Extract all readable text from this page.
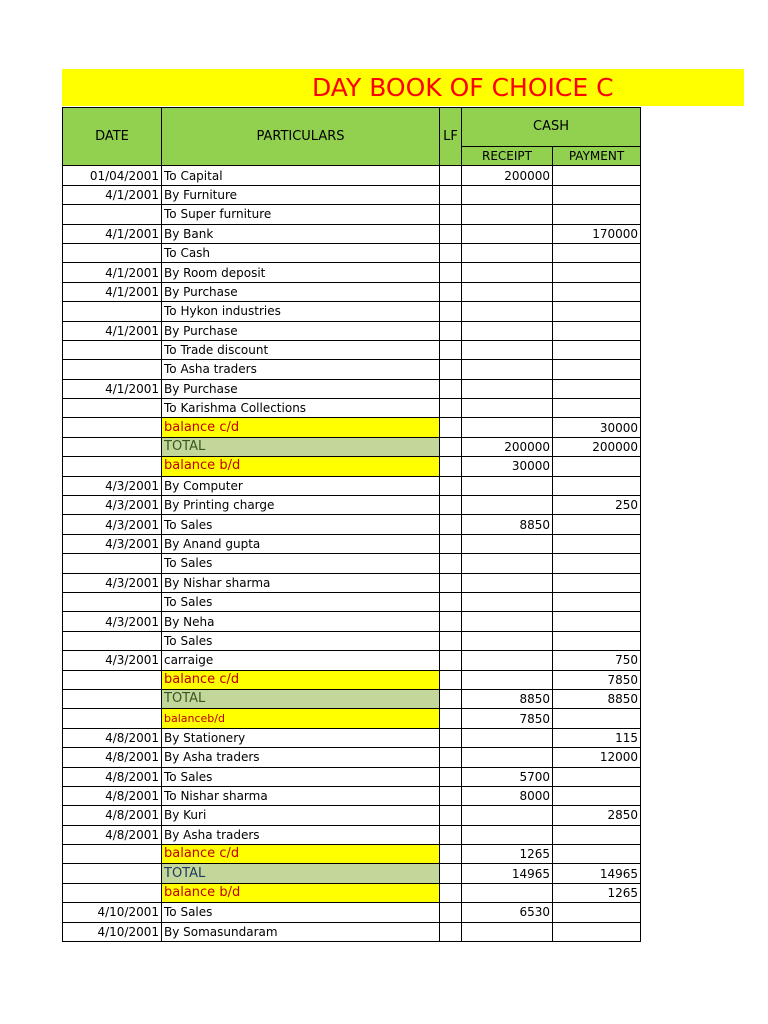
DAY BOOK OF CHOICE C
DATE	PARTICULARS	LF	CASH	
			RECEIPT	PAYMENT
01/04/2001	To Capital		200000	
4/1/2001	By Furniture			
	To Super furniture			
4/1/2001	By Bank			170000
	To Cash			
4/1/2001	By Room deposit			
4/1/2001	By Purchase			
	To Hykon industries			
4/1/2001	By Purchase			
	To Trade discount			
	To Asha traders			
4/1/2001	By Purchase			
	To Karishma Collections			
	balance c/d			30000
	TOTAL		200000	200000
	balance b/d		30000	
4/3/2001	By Computer			
4/3/2001	By Printing charge			250
4/3/2001	To Sales		8850	
4/3/2001	By Anand gupta			
	To Sales			
4/3/2001	By Nishar sharma			
	To Sales			
4/3/2001	By Neha			
	To Sales			
4/3/2001	carraige			750
	balance c/d			7850
	TOTAL		8850	8850
	balanceb/d		7850	
4/8/2001	By Stationery			115
4/8/2001	By Asha traders			12000
4/8/2001	To Sales		5700	
4/8/2001	To Nishar sharma		8000	
4/8/2001	By Kuri			2850
4/8/2001	By Asha traders			
	balance c/d		1265	
	TOTAL		14965	14965
	balance b/d			1265
4/10/2001	To Sales		6530	
4/10/2001	By Somasundaram			
